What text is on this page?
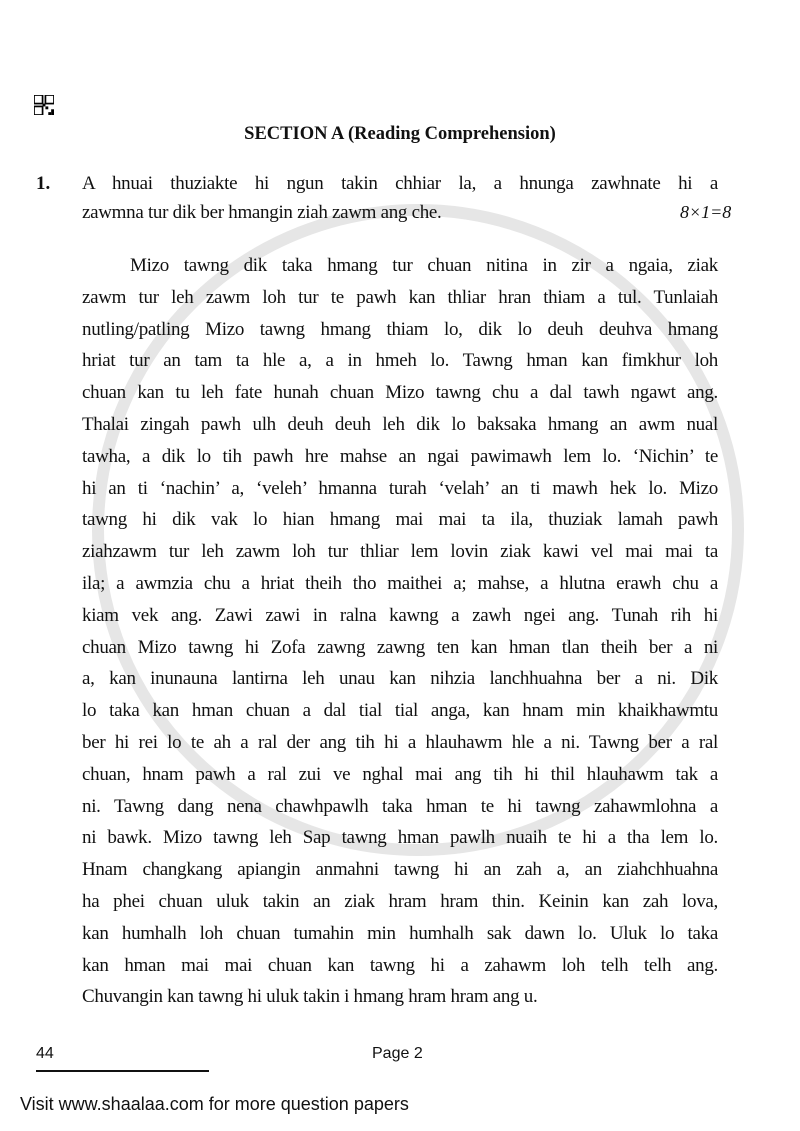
SECTION A (Reading Comprehension)
1. A hnuai thuziakte hi ngun takin chhiar la, a hnunga zawhnate hi a
zawmna tur dik ber hmangin ziah zawm ang che.	8×1=8
Mizo tawng dik taka hmang tur chuan nitina in zir a ngaia, ziak
zawm tur leh zawm loh tur te pawh kan thliar hran thiam a tul. Tunlaiah
nutling/patling Mizo tawng hmang thiam lo, dik lo deuh deuhva hmang
hriat tur an tam ta hle a, a in hmeh lo. Tawng hman kan fimkhur loh
chuan kan tu leh fate hunah chuan Mizo tawng chu a dal tawh ngawt ang.
Thalai zingah pawh ulh deuh deuh leh dik lo baksaka hmang an awm nual
tawha, a dik lo tih pawh hre mahse an ngai pawimawh lem lo. ‘Nichin’ te
hi an ti ‘nachin’ a, ‘veleh’ hmanna turah ‘velah’ an ti mawh hek lo. Mizo
tawng hi dik vak lo hian hmang mai mai ta ila, thuziak lamah pawh
ziahzawm tur leh zawm loh tur thliar lem lovin ziak kawi vel mai mai ta
ila; a awmzia chu a hriat theih tho maithei a; mahse, a hlutna erawh chu a
kiam vek ang. Zawi zawi in ralna kawng a zawh ngei ang. Tunah rih hi
chuan Mizo tawng hi Zofa zawng zawng ten kan hman tlan theih ber a ni
a, kan inunauna lantirna leh unau kan nihzia lanchhuahna ber a ni. Dik
lo taka kan hman chuan a dal tial tial anga, kan hnam min khaikhawmtu
ber hi rei lo te ah a ral der ang tih hi a hlauhawm hle a ni. Tawng ber a ral
chuan, hnam pawh a ral zui ve nghal mai ang tih hi thil hlauhawm tak a
ni. Tawng dang nena chawhpawlh taka hman te hi tawng zahawmlohna a
ni bawk. Mizo tawng leh Sap tawng hman pawlh nuaih te hi a tha lem lo.
Hnam changkang apiangin anmahni tawng hi an zah a, an ziahchhuahna
ha phei chuan uluk takin an ziak hram hram thin. Keinin kan zah lova,
kan humhalh loh chuan tumahin min humhalh sak dawn lo. Uluk lo taka
kan hman mai mai chuan kan tawng hi a zahawm loh telh telh ang.
Chuvangin kan tawng hi uluk takin i hmang hram hram ang u.
44	Page 2
Visit www.shaalaa.com for more question papers
